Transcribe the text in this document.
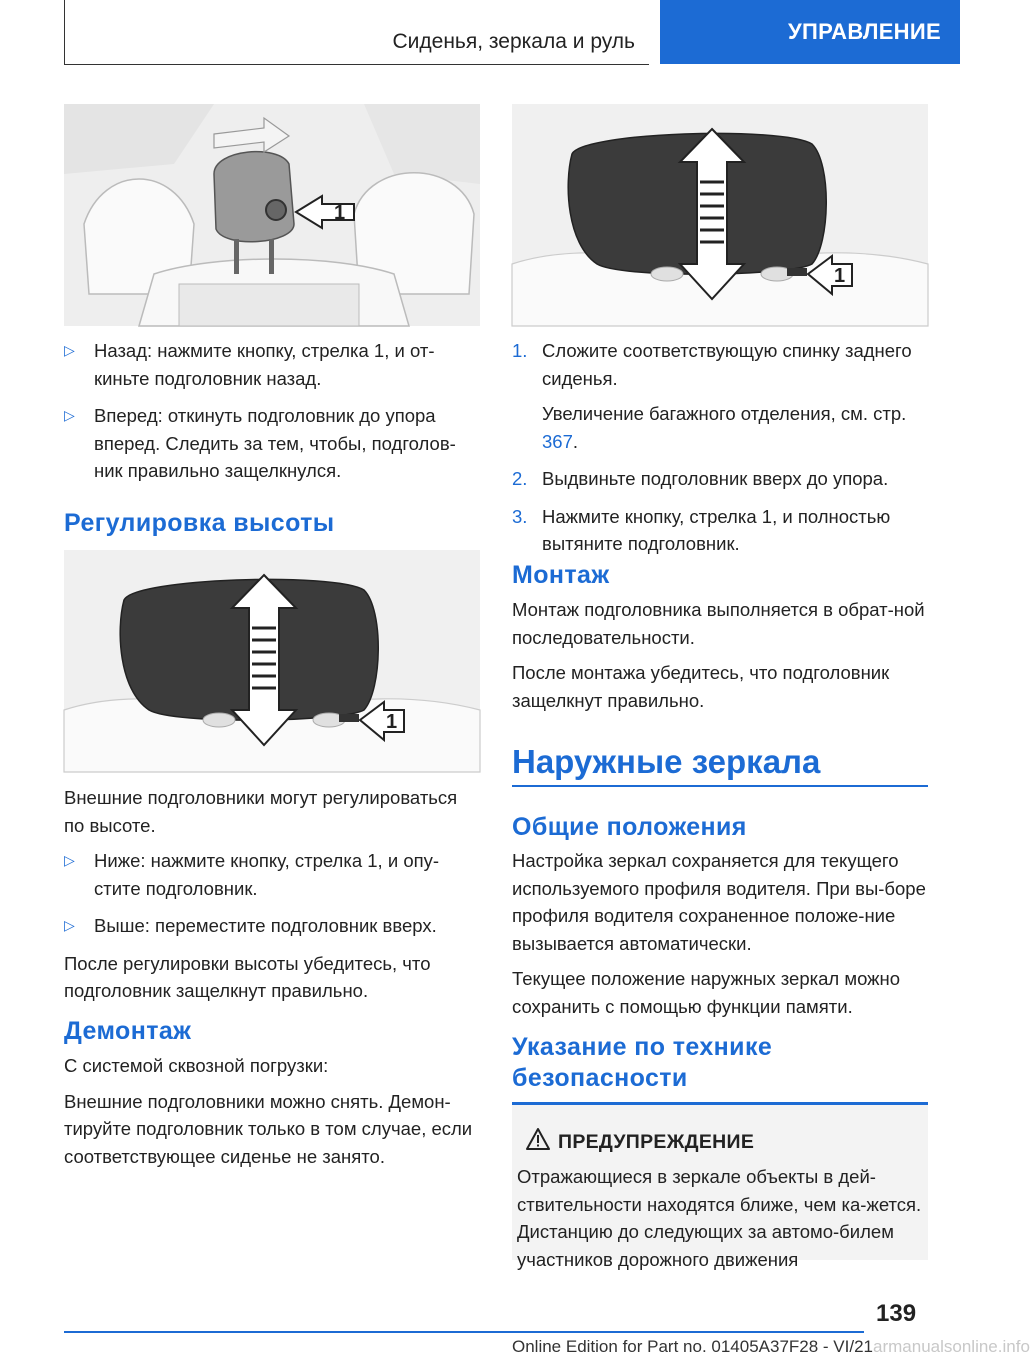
Сиденья, зеркала и руль	УПРАВЛЕНИЕ
1
1
1
▷ Назад: нажмите кнопку, стрелка 1, и от-киньте подголовник назад.
▷ Вперед: откинуть подголовник до упора вперед. Следить за тем, чтобы, подголов-ник правильно защелкнулся.
Регулировка высоты

Внешние подголовники могут регулироваться по высоте.

▷ Ниже: нажмите кнопку, стрелка 1, и опу-стите подголовник.
▷ Выше: переместите подголовник вверх.

После регулировки высоты убедитесь, что подголовник защелкнут правильно.

Демонтаж

С системой сквозной погрузки:

Внешние подголовники можно снять. Демон-тируйте подголовник только в том случае, если соответствующее сиденье не занято.

1. Сложите соответствующую спинку заднего сиденья.
Увеличение багажного отделения, см. стр. 367.
2. Выдвиньте подголовник вверх до упора.
3. Нажмите кнопку, стрелка 1, и полностью вытяните подголовник.
Монтаж

Монтаж подголовника выполняется в обрат-ной последовательности.

После монтажа убедитесь, что подголовник защелкнут правильно.

Наружные зеркала
Общие положения

Настройка зеркал сохраняется для текущего используемого профиля водителя. При вы-боре профиля водителя сохраненное положе-ние вызывается автоматически.

Текущее положение наружных зеркал можно сохранить с помощью функции памяти.

Указание по технике безопасности
ПРЕДУПРЕЖДЕНИЕ
Отражающиеся в зеркале объекты в дей-ствительности находятся ближе, чем ка-жется. Дистанцию до следующих за автомо-билем участников дорожного движения
139
Online Edition for Part no. 01405A37F28 - VI/21armanualsonline.info
